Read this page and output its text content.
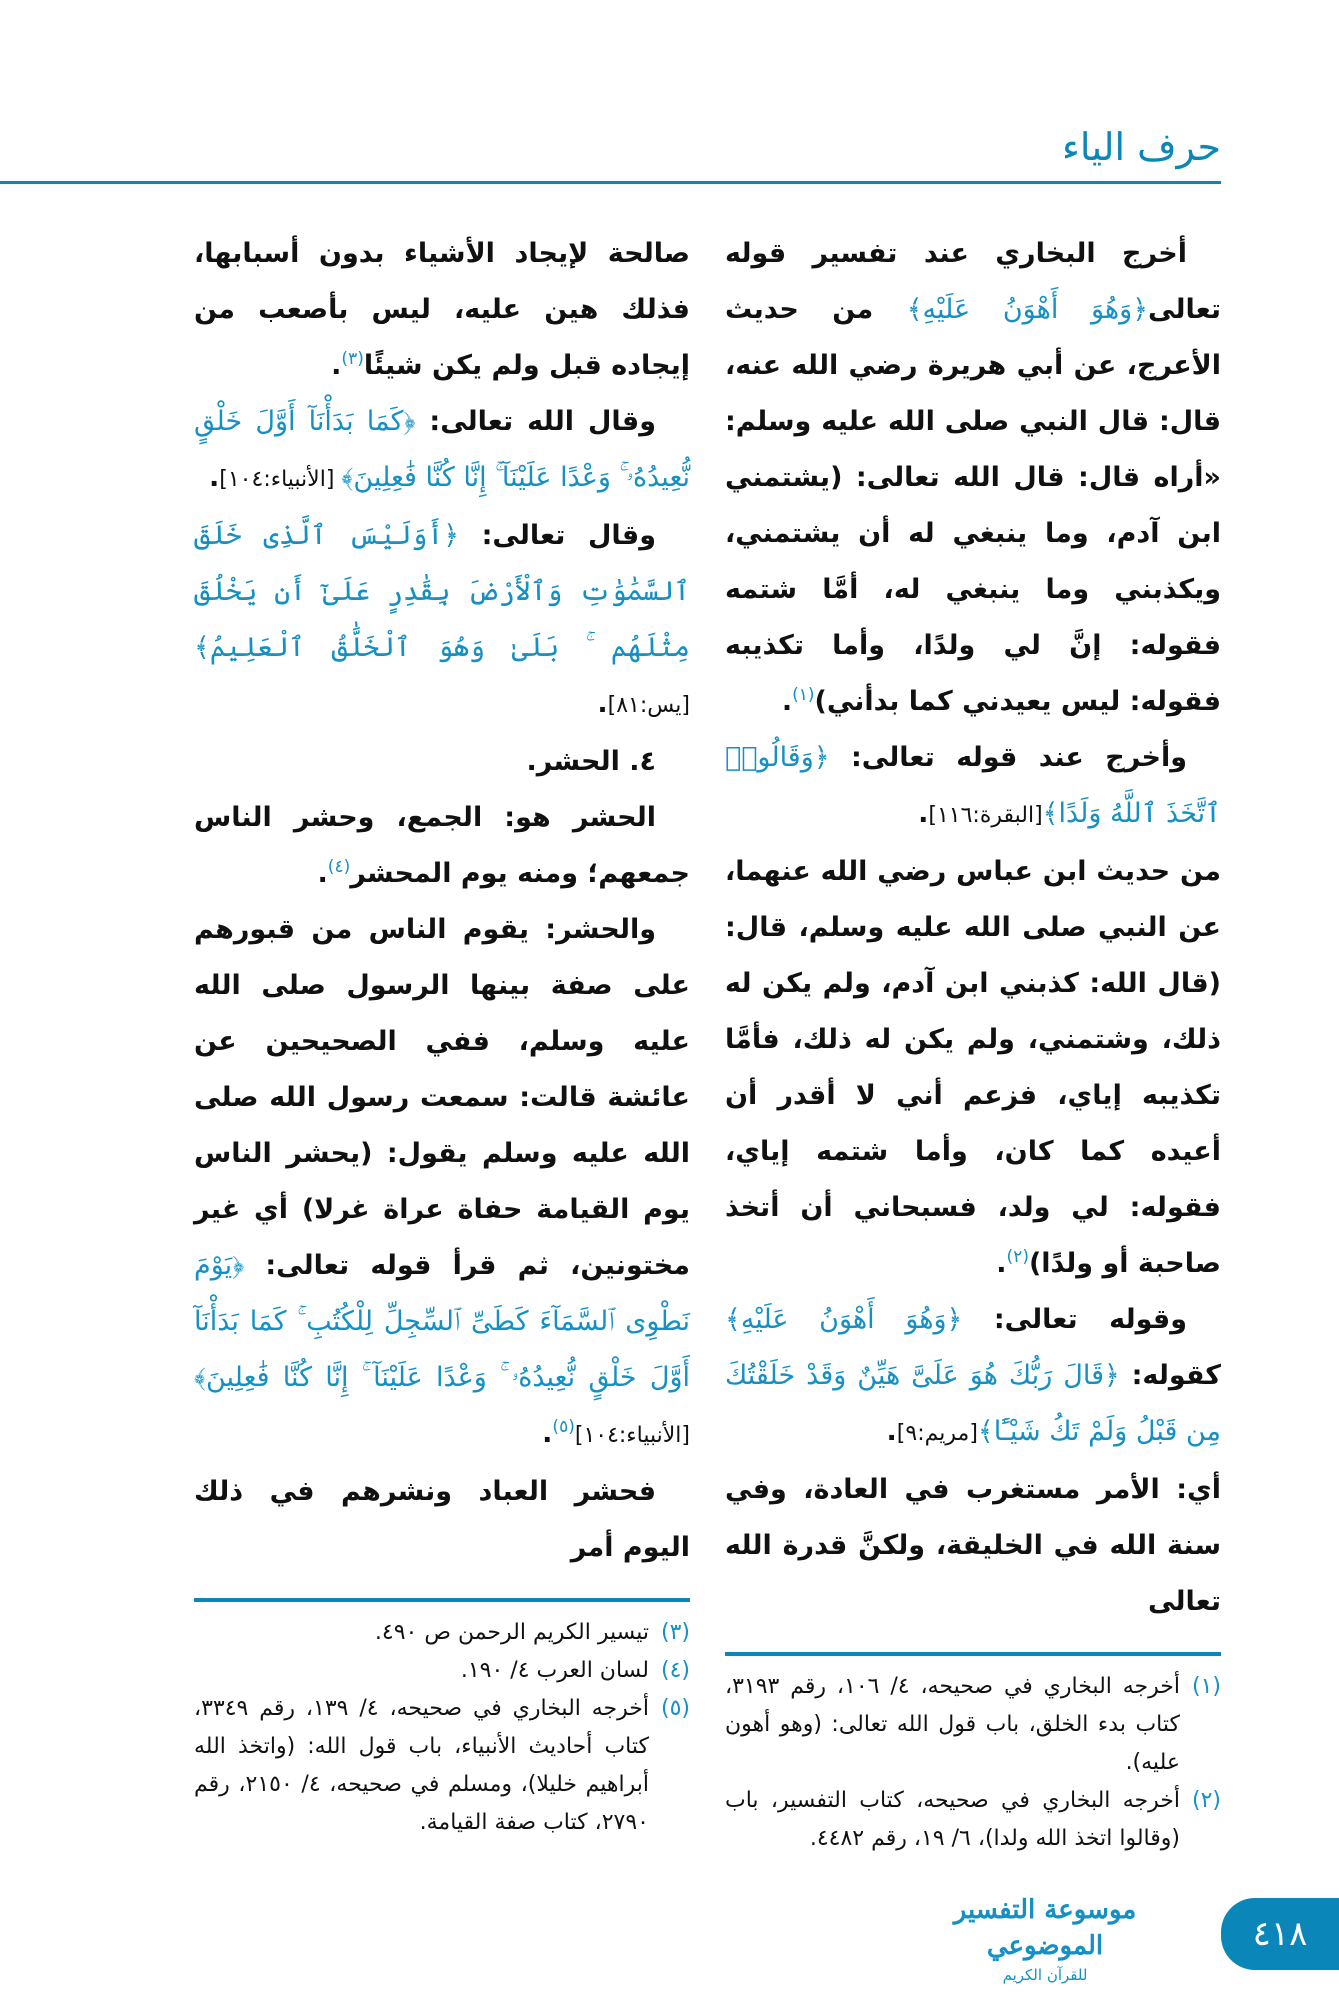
حرف الياء

أخرج البخاري عند تفسير قوله تعالى﴿وَهُوَ أَهْوَنُ عَلَيْهِ﴾ من حديث الأعرج، عن أبي هريرة رضي الله عنه، قال: قال النبي صلى الله عليه وسلم: «أراه قال: قال الله تعالى: (يشتمني ابن آدم، وما ينبغي له أن يشتمني، ويكذبني وما ينبغي له، أمَّا شتمه فقوله: إنَّ لي ولدًا، وأما تكذيبه فقوله: ليس يعيدني كما بدأني)$^{(١)}$.

وأخرج عند قوله تعالى: ﴿وَقَالُوا۟ ٱتَّخَذَ ٱللَّهُ وَلَدًا﴾[البقرة:١١٦].

من حديث ابن عباس رضي الله عنهما، عن النبي صلى الله عليه وسلم، قال: (قال الله: كذبني ابن آدم، ولم يكن له ذلك، وشتمني، ولم يكن له ذلك، فأمَّا تكذيبه إياي، فزعم أني لا أقدر أن أعيده كما كان، وأما شتمه إياي، فقوله: لي ولد، فسبحاني أن أتخذ صاحبة أو ولدًا)$^{(٢)}$.

وقوله تعالى: ﴿وَهُوَ أَهْوَنُ عَلَيْهِ﴾ كقوله: ﴿قَالَ رَبُّكَ هُوَ عَلَىَّ هَيِّنٌ وَقَدْ خَلَقْتُكَ مِن قَبْلُ وَلَمْ تَكُ شَيْـًٔا﴾[مريم:٩].

أي: الأمر مستغرب في العادة، وفي سنة الله في الخليقة، ولكنَّ قدرة الله تعالى

(١)
أخرجه البخاري في صحيحه، ٤/ ١٠٦، رقم ٣١٩٣، كتاب بدء الخلق، باب قول الله تعالى: (وهو أهون عليه).
(٢)
أخرجه البخاري في صحيحه، كتاب التفسير، باب (وقالوا اتخذ الله ولدا)، ٦/ ١٩، رقم ٤٤٨٢.

صالحة لإيجاد الأشياء بدون أسبابها، فذلك هين عليه، ليس بأصعب من إيجاده قبل ولم يكن شيئًا$^{(٣)}$.

وقال الله تعالى: ﴿كَمَا بَدَأْنَآ أَوَّلَ خَلْقٍ نُّعِيدُهُۥ ۚ وَعْدًا عَلَيْنَآ ۚ إِنَّا كُنَّا فَٰعِلِينَ﴾ [الأنبياء:١٠٤].

وقال تعالى: ﴿أَوَلَيْسَ ٱلَّذِى خَلَقَ ٱلسَّمَٰوَٰتِ وَٱلْأَرْضَ بِقَٰدِرٍ عَلَىٰٓ أَن يَخْلُقَ مِثْلَهُم ۚ بَلَىٰ وَهُوَ ٱلْخَلَّٰقُ ٱلْعَلِيمُ﴾[يس:٨١].

٤. الحشر.

الحشر هو: الجمع، وحشر الناس جمعهم؛ ومنه يوم المحشر$^{(٤)}$.

والحشر: يقوم الناس من قبورهم على صفة بينها الرسول صلى الله عليه وسلم، ففي الصحيحين عن عائشة قالت: سمعت رسول الله صلى الله عليه وسلم يقول: (يحشر الناس يوم القيامة حفاة عراة غرلا) أي غير مختونين، ثم قرأ قوله تعالى: ﴿يَوْمَ نَطْوِى ٱلسَّمَآءَ كَطَىِّ ٱلسِّجِلِّ لِلْكُتُبِ ۚ كَمَا بَدَأْنَآ أَوَّلَ خَلْقٍ نُّعِيدُهُۥ ۚ وَعْدًا عَلَيْنَآ ۚ إِنَّا كُنَّا فَٰعِلِينَ﴾[الأنبياء:١٠٤]$^{(٥)}$.

فحشر العباد ونشرهم في ذلك اليوم أمر

(٣)
تيسير الكريم الرحمن ص ٤٩٠.
(٤)
لسان العرب ٤/ ١٩٠.
(٥)
أخرجه البخاري في صحيحه، ٤/ ١٣٩، رقم ٣٣٤٩، كتاب أحاديث الأنبياء، باب قول الله: (واتخذ الله أبراهيم خليلا)، ومسلم في صحيحه، ٤/ ٢١٥٠، رقم ٢٧٩٠، كتاب صفة القيامة.
موسوعة التفسير الموضوعي
للقرآن الكريم
٤١٨
